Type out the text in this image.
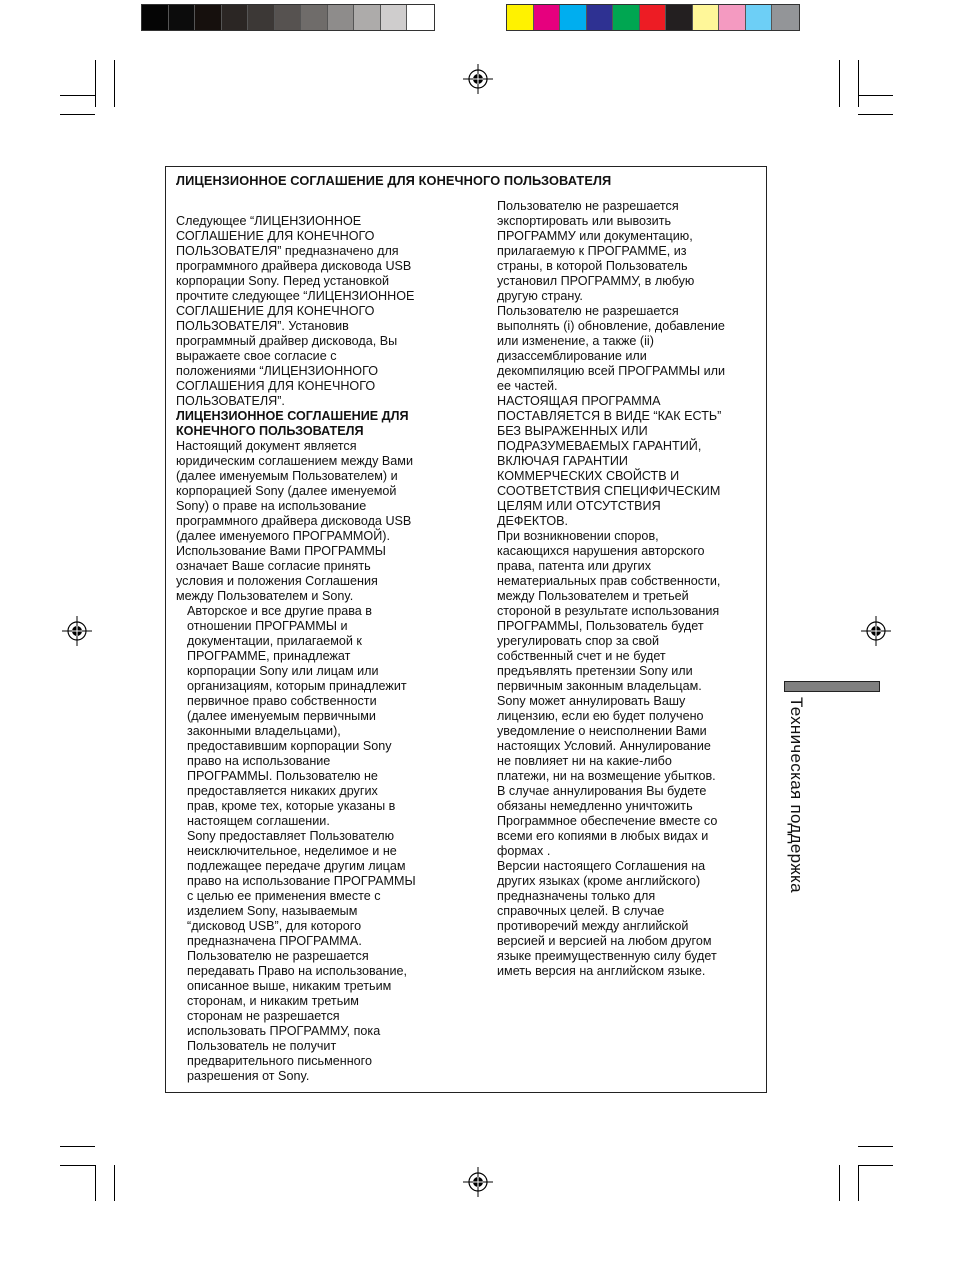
ЛИЦЕНЗИОННОЕ СОГЛАШЕНИЕ ДЛЯ КОНЕЧНОГО ПОЛЬЗОВАТЕЛЯ
Следующее “ЛИЦЕНЗИОННОЕ
СОГЛАШЕНИЕ ДЛЯ КОНЕЧНОГО
ПОЛЬЗОВАТЕЛЯ” предназначено для
программного драйвера дисковода USB
корпорации Sony. Перед установкой
прочтите следующее “ЛИЦЕНЗИОННОЕ
СОГЛАШЕНИЕ ДЛЯ КОНЕЧНОГО
ПОЛЬЗОВАТЕЛЯ”. Установив
программный драйвер дисковода, Вы
выражаете свое согласие с
положениями “ЛИЦЕНЗИОННОГО
СОГЛАШЕНИЯ ДЛЯ КОНЕЧНОГО
ПОЛЬЗОВАТЕЛЯ”.
ЛИЦЕНЗИОННОЕ СОГЛАШЕНИЕ ДЛЯ
КОНЕЧНОГО ПОЛЬЗОВАТЕЛЯ
Настоящий документ является
юридическим соглашением между Вами
(далее именуемым Пользователем) и
корпорацией Sony (далее именуемой
Sony) о праве на использование
программного драйвера дисковода USB
(далее именуемого ПРОГРАММОЙ).
Использование Вами ПРОГРАММЫ
означает Ваше согласие принять
условия и положения Соглашения
между Пользователем и Sony.
Авторское и все другие права в
отношении ПРОГРАММЫ и
документации, прилагаемой к
ПРОГРАММЕ, принадлежат
корпорации Sony или лицам или
организациям, которым принадлежит
первичное право собственности
(далее именуемым первичными
законными владельцами),
предоставившим корпорации Sony
право на использование
ПРОГРАММЫ. Пользователю не
предоставляется никаких других
прав, кроме тех, которые указаны в
настоящем соглашении.
Sony предоставляет Пользователю
неисключительное, неделимое и не
подлежащее передаче другим лицам
право на использование ПРОГРАММЫ
с целью ее применения вместе с
изделием Sony, называемым
“дисковод USB”, для которого
предназначена ПРОГРАММА.
Пользователю не разрешается
передавать Право на использование,
описанное выше, никаким третьим
сторонам, и никаким третьим
сторонам не разрешается
использовать ПРОГРАММУ, пока
Пользователь не получит
предварительного письменного
разрешения от Sony.
Пользователю не разрешается
экспортировать или вывозить
ПРОГРАММУ или документацию,
прилагаемую к ПРОГРАММЕ, из
страны, в которой Пользователь
установил ПРОГРАММУ, в любую
другую страну.
Пользователю не разрешается
выполнять (i) обновление, добавление
или изменение, а также (ii)
дизассемблирование или
декомпиляцию всей ПРОГРАММЫ или
ее частей.
НАСТОЯЩАЯ ПРОГРАММА
ПОСТАВЛЯЕТСЯ В ВИДЕ “КАК ЕСТЬ”
БЕЗ ВЫРАЖЕННЫХ ИЛИ
ПОДРАЗУМЕВАЕМЫХ ГАРАНТИЙ,
ВКЛЮЧАЯ ГАРАНТИИ
КОММЕРЧЕСКИХ СВОЙСТВ И
СООТВЕТСТВИЯ СПЕЦИФИЧЕСКИМ
ЦЕЛЯМ ИЛИ ОТСУТСТВИЯ
ДЕФЕКТОВ.
При возникновении споров,
касающихся нарушения авторского
права, патента или других
нематериальных прав собственности,
между Пользователем и третьей
стороной в результате использования
ПРОГРАММЫ, Пользователь будет
урегулировать спор за свой
собственный счет и не будет
предъявлять претензии Sony или
первичным законным владельцам.
Sony может аннулировать Вашу
лицензию, если ею будет получено
уведомление о неисполнении Вами
настоящих Условий. Аннулирование
не повлияет ни на какие-либо
платежи, ни на возмещение убытков.
В случае аннулирования Вы будете
обязаны немедленно уничтожить
Программное обеспечение вместе со
всеми его копиями в любых видах и
формах .
Версии настоящего Соглашения на
других языках (кроме английского)
предназначены только для
справочных целей. В случае
противоречий между английской
версией и версией на любом другом
языке преимущественную силу будет
иметь версия на английском языке.
Техническая поддержка
